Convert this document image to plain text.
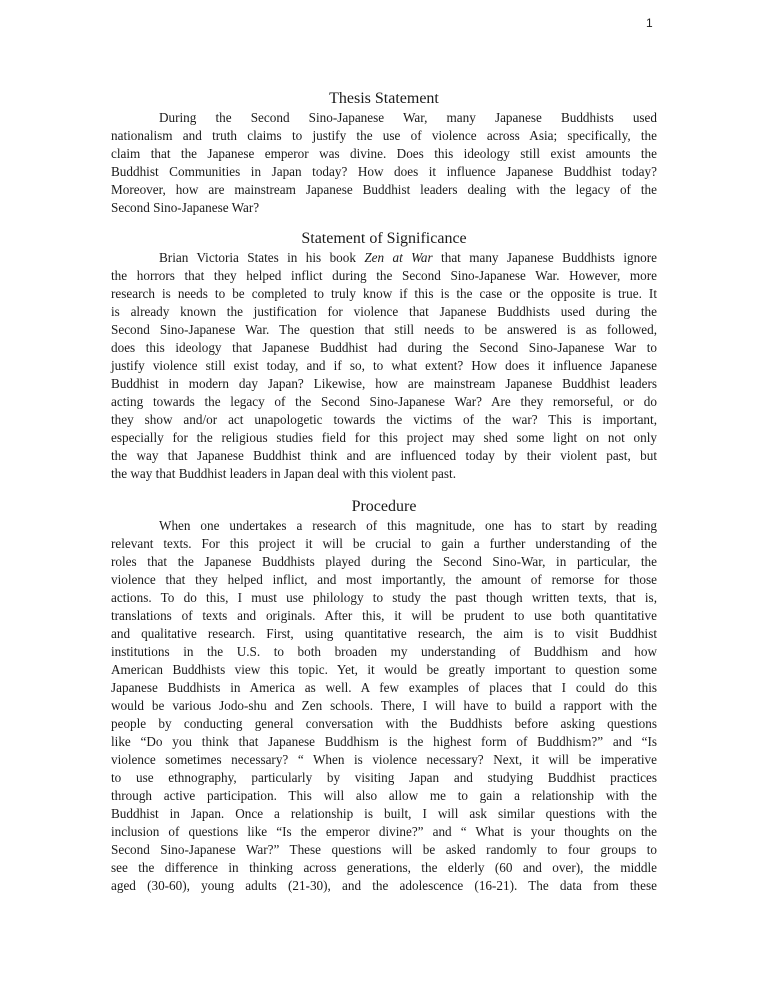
1
Thesis Statement
During the Second Sino-Japanese War, many Japanese Buddhists used
nationalism and truth claims to justify the use of violence across Asia; specifically, the
claim that the Japanese emperor was divine. Does this ideology still exist amounts the
Buddhist Communities in Japan today? How does it influence Japanese Buddhist today?
Moreover, how are mainstream Japanese Buddhist leaders dealing with the legacy of the
Second Sino-Japanese War?
Statement of Significance
Brian Victoria States in his book Zen at War that many Japanese Buddhists ignore
the horrors that they helped inflict during the Second Sino-Japanese War. However, more
research is needs to be completed to truly know if this is the case or the opposite is true. It
is already known the justification for violence that Japanese Buddhists used during the
Second Sino-Japanese War. The question that still needs to be answered is as followed,
does this ideology that Japanese Buddhist had during the Second Sino-Japanese War to
justify violence still exist today, and if so, to what extent? How does it influence Japanese
Buddhist in modern day Japan? Likewise, how are mainstream Japanese Buddhist leaders
acting towards the legacy of the Second Sino-Japanese War? Are they remorseful, or do
they show and/or act unapologetic towards the victims of the war? This is important,
especially for the religious studies field for this project may shed some light on not only
the way that Japanese Buddhist think and are influenced today by their violent past, but
the way that Buddhist leaders in Japan deal with this violent past.
Procedure
When one undertakes a research of this magnitude, one has to start by reading
relevant texts. For this project it will be crucial to gain a further understanding of the
roles that the Japanese Buddhists played during the Second Sino-War, in particular, the
violence that they helped inflict, and most importantly, the amount of remorse for those
actions. To do this, I must use philology to study the past though written texts, that is,
translations of texts and originals. After this, it will be prudent to use both quantitative
and qualitative research. First, using quantitative research, the aim is to visit Buddhist
institutions in the U.S. to both broaden my understanding of Buddhism and how
American Buddhists view this topic. Yet, it would be greatly important to question some
Japanese Buddhists in America as well. A few examples of places that I could do this
would be various Jodo-shu and Zen schools. There, I will have to build a rapport with the
people by conducting general conversation with the Buddhists before asking questions
like “Do you think that Japanese Buddhism is the highest form of Buddhism?” and “Is
violence sometimes necessary? “ When is violence necessary? Next, it will be imperative
to use ethnography, particularly by visiting Japan and studying Buddhist practices
through active participation. This will also allow me to gain a relationship with the
Buddhist in Japan. Once a relationship is built, I will ask similar questions with the
inclusion of questions like “Is the emperor divine?” and “ What is your thoughts on the
Second Sino-Japanese War?” These questions will be asked randomly to four groups to
see the difference in thinking across generations, the elderly (60 and over), the middle
aged (30-60), young adults (21-30), and the adolescence (16-21). The data from these
